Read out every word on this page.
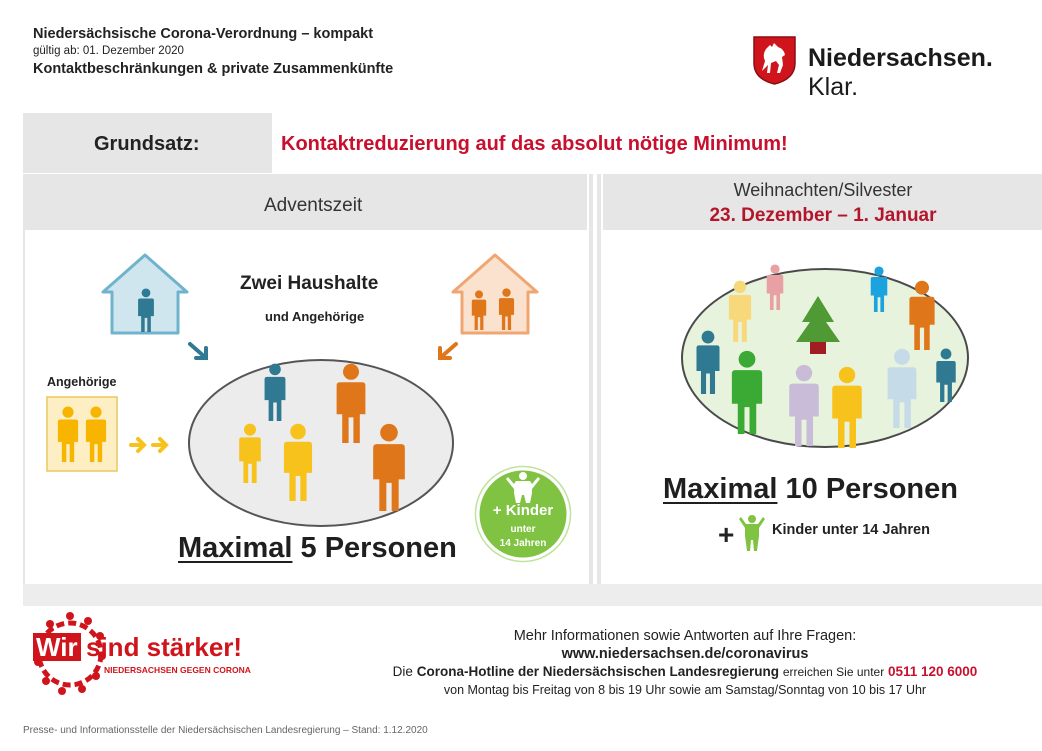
Niedersächsische Corona-Verordnung – kompakt
gültig ab: 01. Dezember 2020
Kontaktbeschränkungen & private Zusammenkünfte	Niedersachsen. Klar.
Grundsatz:	Kontaktreduzierung auf das absolut nötige Minimum!
Adventszeit
Weihnachten/Silvester
23. Dezember – 1. Januar
Zwei Haushalte
und Angehörige
Angehörige
+ Kinder
unter
14 Jahren
Maximal 5 Personen
Maximal 10 Personen
+	Kinder unter 14 Jahren
Wir sind stärker!
NIEDERSACHSEN GEGEN CORONA
Mehr Informationen sowie Antworten auf Ihre Fragen:
www.niedersachsen.de/coronavirus
Die Corona-Hotline der Niedersächsischen Landesregierung erreichen Sie unter 0511 120 6000
von Montag bis Freitag von 8 bis 19 Uhr sowie am Samstag/Sonntag von 10 bis 17 Uhr
Presse- und Informationsstelle der Niedersächsischen Landesregierung – Stand: 1.12.2020
